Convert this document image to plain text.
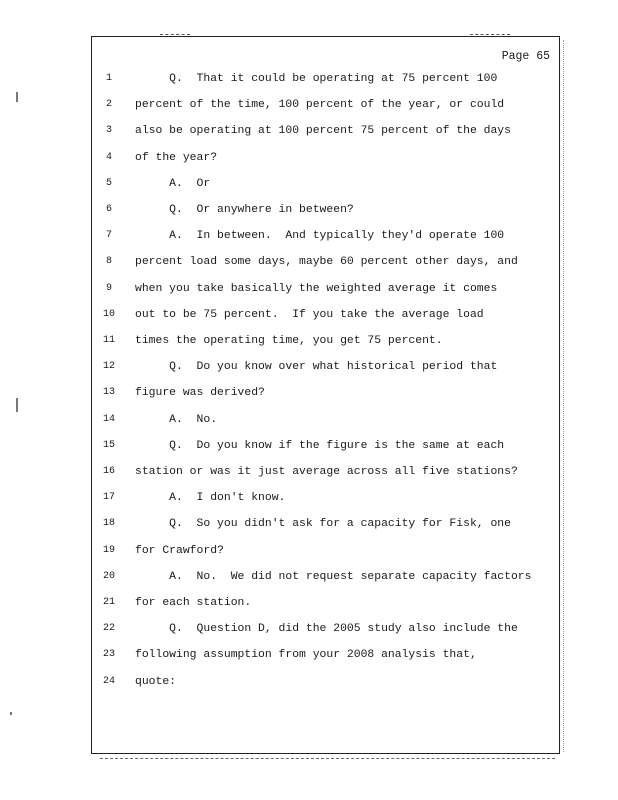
Page 65
1	Q.  That it could be operating at 75 percent 100
2	percent of the time, 100 percent of the year, or could
3	also be operating at 100 percent 75 percent of the days
4	of the year?
5	A.  Or
6	Q.  Or anywhere in between?
7	A.  In between.  And typically they'd operate 100
8	percent load some days, maybe 60 percent other days, and
9	when you take basically the weighted average it comes
10 out to be 75 percent.  If you take the average load
11 times the operating time, you get 75 percent.
12 Q.  Do you know over what historical period that
13 figure was derived?
14 A.  No.
15 Q.  Do you know if the figure is the same at each
16 station or was it just average across all five stations?
17 A.  I don't know.
18 Q.  So you didn't ask for a capacity for Fisk, one
19 for Crawford?
20 A.  No.  We did not request separate capacity factors
21 for each station.
22 Q.  Question D, did the 2005 study also include the
23 following assumption from your 2008 analysis that,
24 quote:
